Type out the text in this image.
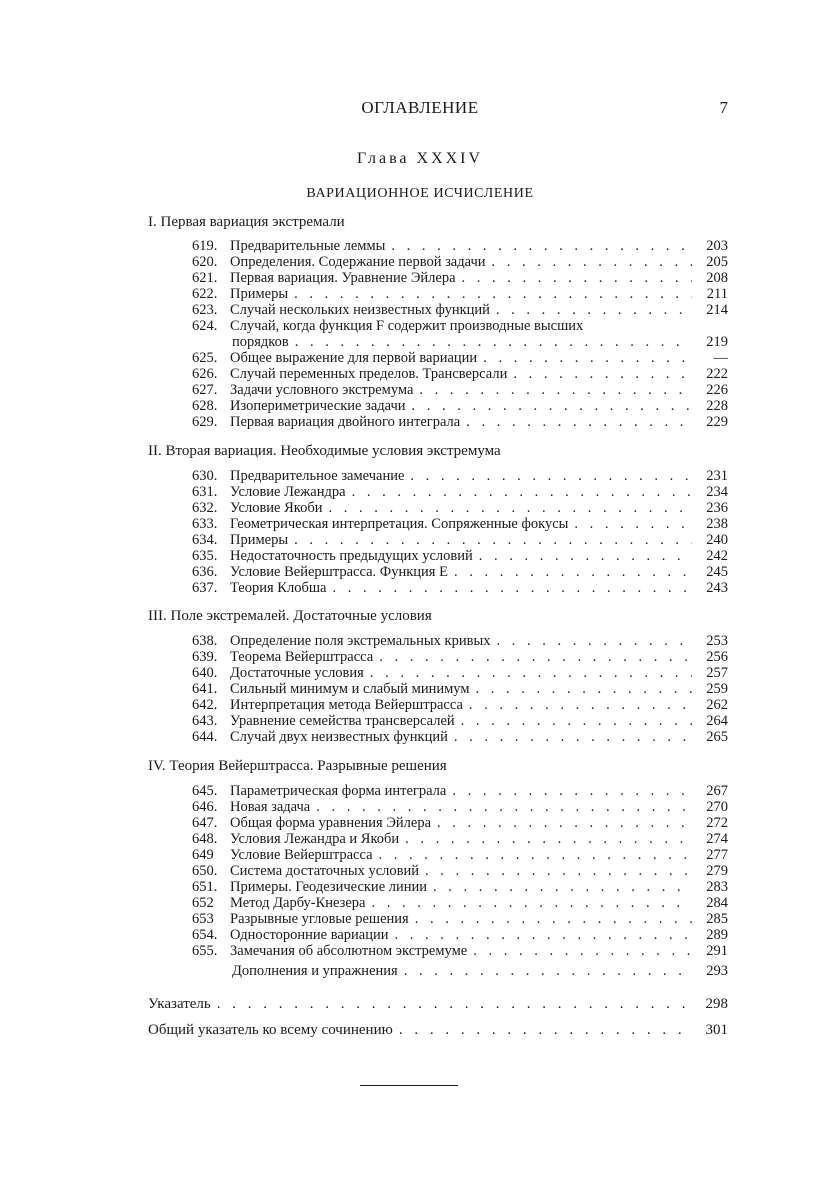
ОГЛАВЛЕНИЕ	7
Глава XXXIV
ВАРИАЦИОННОЕ ИСЧИСЛЕНИЕ
I. Первая вариация экстремали
619. Предварительные леммы . . .	203
620. Определения. Содержание первой задачи . . .	205
621. Первая вариация. Уравнение Эйлера . . .	208
622. Примеры . . .	211
623. Случай нескольких неизвестных функций . . .	214
624. Случай, когда функция F содержит производные высших
порядков . . .	219
625. Общее выражение для первой вариации . . .	—
626. Случай переменных пределов. Трансверсали . . .	222
627. Задачи условного экстремума . . .	226
628. Изопериметрические задачи . . .	228
629. Первая вариация двойного интеграла . . .	229
II. Вторая вариация. Необходимые условия экстремума
630. Предварительное замечание . . .	231
631. Условие Лежандра . . .	234
632. Условие Якоби . . .	236
633. Геометрическая интерпретация. Сопряженные фокусы . . .	238
634. Примеры . . .	240
635. Недостаточность предыдущих условий . . .	242
636. Условие Вейерштрасса. Функция E . . .	245
637. Теория Клобша . . .	243
III. Поле экстремалей. Достаточные условия
638. Определение поля экстремальных кривых . . .	253
639. Теорема Вейерштрасса . . .	256
640. Достаточные условия . . .	257
641. Сильный минимум и слабый минимум . . .	259
642. Интерпретация метода Вейерштрасса . . .	262
643. Уравнение семейства трансверсалей . . .	264
644. Случай двух неизвестных функций . . .	265
IV. Теория Вейерштрасса. Разрывные решения
645. Параметрическая форма интеграла . . .	267
646. Новая задача . . .	270
647. Общая форма уравнения Эйлера . . .	272
648. Условия Лежандра и Якоби . . .	274
649	Условие Вейерштрасса . . .	277
650. Система достаточных условий . . .	279
651. Примеры. Геодезические линии . . .	283
652	Метод Дарбу-Кнезера . . .	284
653	Разрывные угловые решения . . .	285
654. Односторонние вариации . . .	289
655. Замечания об абсолютном экстремуме . . .	291
Дополнения и упражнения . . .	293
Указатель . . .	298
Общий указатель ко всему сочинению . . .	301
